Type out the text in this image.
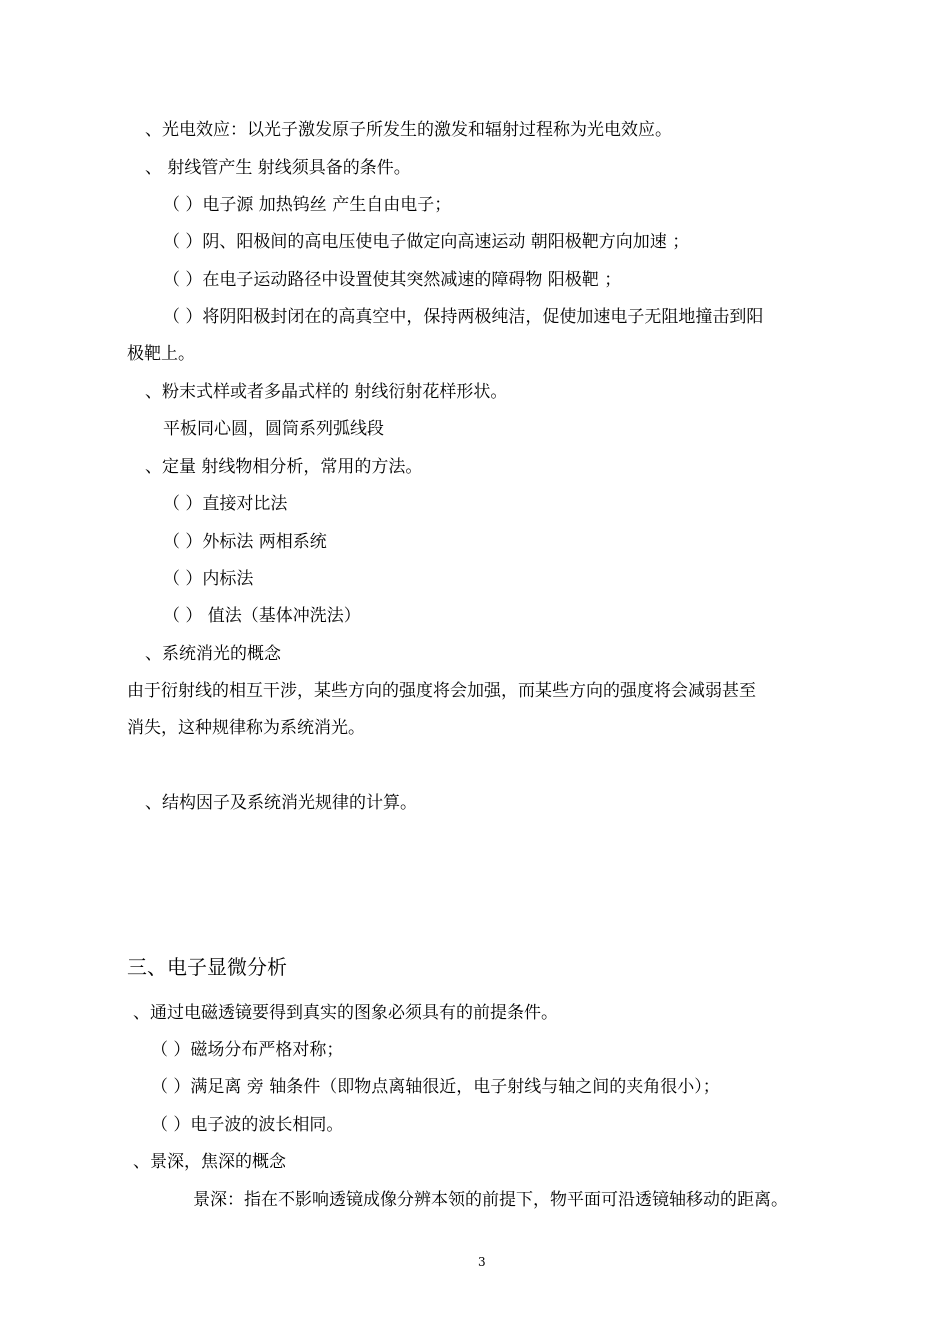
、光电效应：以光子激发原子所发生的激发和辐射过程称为光电效应。
、 射线管产生 射线须具备的条件。
（ ）电子源 加热钨丝 产生自由电子；
（ ）阴、阳极间的高电压使电子做定向高速运动 朝阳极靶方向加速 ；
（ ）在电子运动路径中设置使其突然减速的障碍物 阳极靶 ；
（ ）将阴阳极封闭在的高真空中，保持两极纯洁，促使加速电子无阻地撞击到阳
极靶上。
、粉末式样或者多晶式样的 射线衍射花样形状。
平板同心圆，圆筒系列弧线段
、定量 射线物相分析，常用的方法。
（ ）直接对比法
（ ）外标法 两相系统
（ ）内标法
（ ） 值法（基体冲洗法）
、系统消光的概念
由于衍射线的相互干涉，某些方向的强度将会加强，而某些方向的强度将会减弱甚至
消失，这种规律称为系统消光。
、结构因子及系统消光规律的计算。
三、电子显微分析
、通过电磁透镜要得到真实的图象必须具有的前提条件。
（ ）磁场分布严格对称；
（ ）满足离 旁 轴条件（即物点离轴很近，电子射线与轴之间的夹角很小）；
（ ）电子波的波长相同。
、景深，焦深的概念
景深：指在不影响透镜成像分辨本领的前提下，物平面可沿透镜轴移动的距离。
3
